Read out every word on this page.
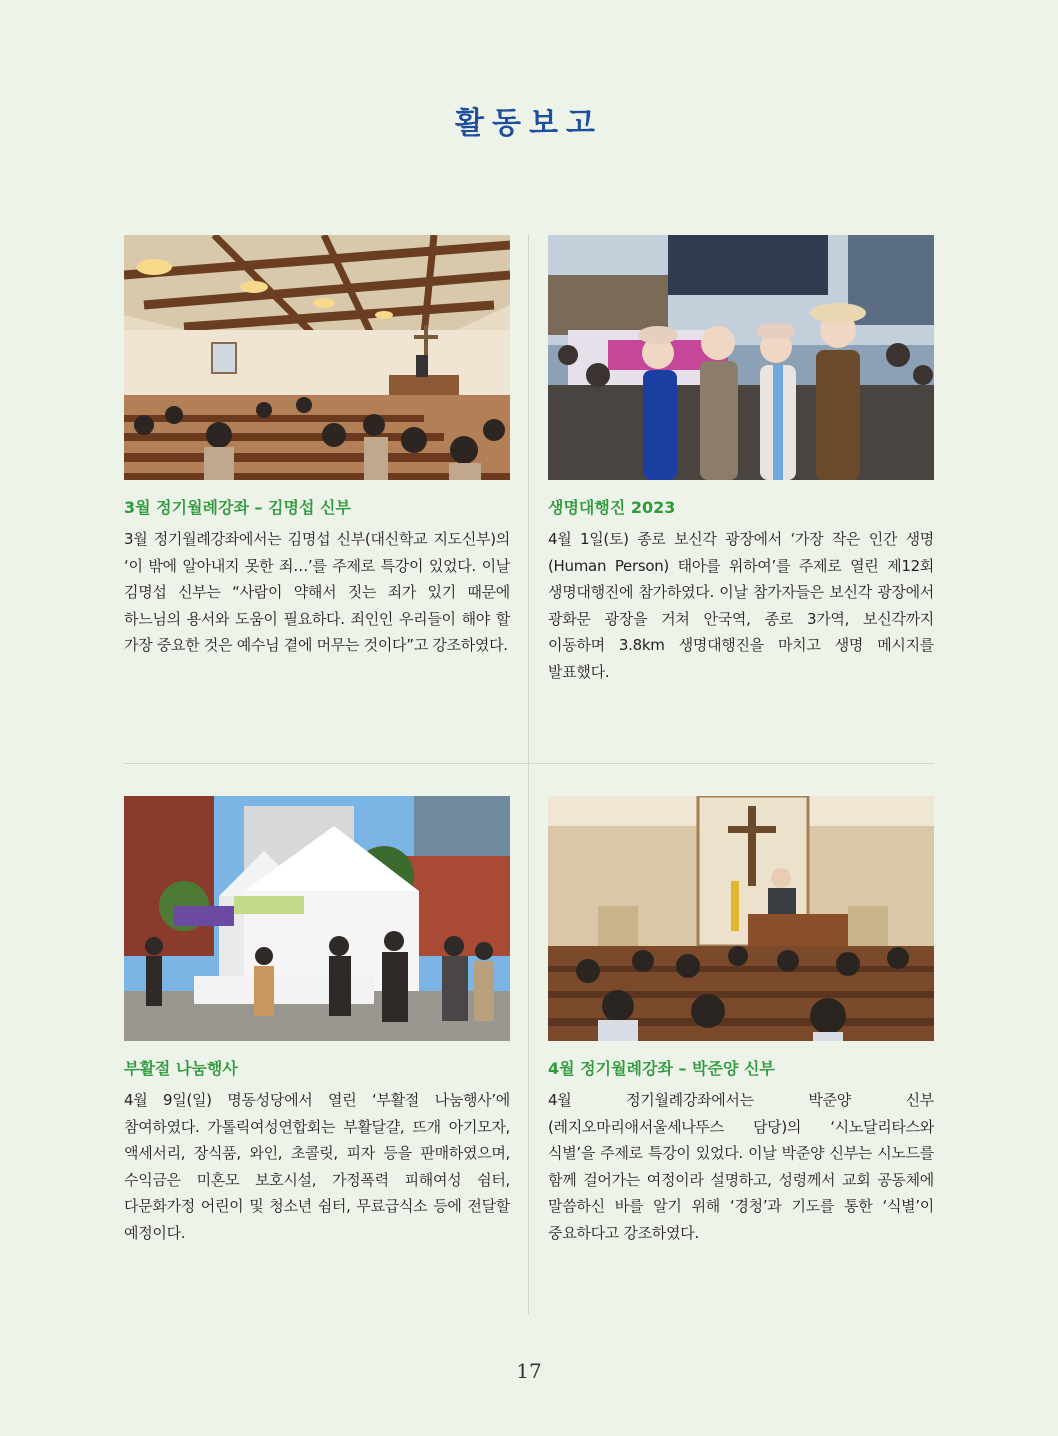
활동보고
3월 정기월례강좌 – 김명섭 신부
3월 정기월례강좌에서는 김명섭 신부(대신학교 지도신부)의 ‘이 밖에 알아내지 못한 죄…’를 주제로 특강이 있었다. 이날 김명섭 신부는 “사람이 약해서 짓는 죄가 있기 때문에 하느님의 용서와 도움이 필요하다. 죄인인 우리들이 해야 할 가장 중요한 것은 예수님 곁에 머무는 것이다”고 강조하였다.
생명대행진 2023
4월 1일(토) 종로 보신각 광장에서 ‘가장 작은 인간 생명(Human Person) 태아를 위하여’를 주제로 열린 제12회 생명대행진에 참가하였다. 이날 참가자들은 보신각 광장에서 광화문 광장을 거쳐 안국역, 종로 3가역, 보신각까지 이동하며 3.8km 생명대행진을 마치고 생명 메시지를 발표했다.
부활절 나눔행사
4월 9일(일) 명동성당에서 열린 ‘부활절 나눔행사’에 참여하였다. 가톨릭여성연합회는 부활달걀, 뜨개 아기모자, 액세서리, 장식품, 와인, 초콜릿, 피자 등을 판매하였으며, 수익금은 미혼모 보호시설, 가정폭력 피해여성 쉼터, 다문화가정 어린이 및 청소년 쉼터, 무료급식소 등에 전달할 예정이다.
4월 정기월례강좌 – 박준양 신부
4월 정기월례강좌에서는 박준양 신부(레지오마리애서울세나뚜스 담당)의 ‘시노달리타스와 식별’을 주제로 특강이 있었다. 이날 박준양 신부는 시노드를 함께 걸어가는 여정이라 설명하고, 성령께서 교회 공동체에 말씀하신 바를 알기 위해 ‘경청’과 기도를 통한 ‘식별’이 중요하다고 강조하였다.
17
